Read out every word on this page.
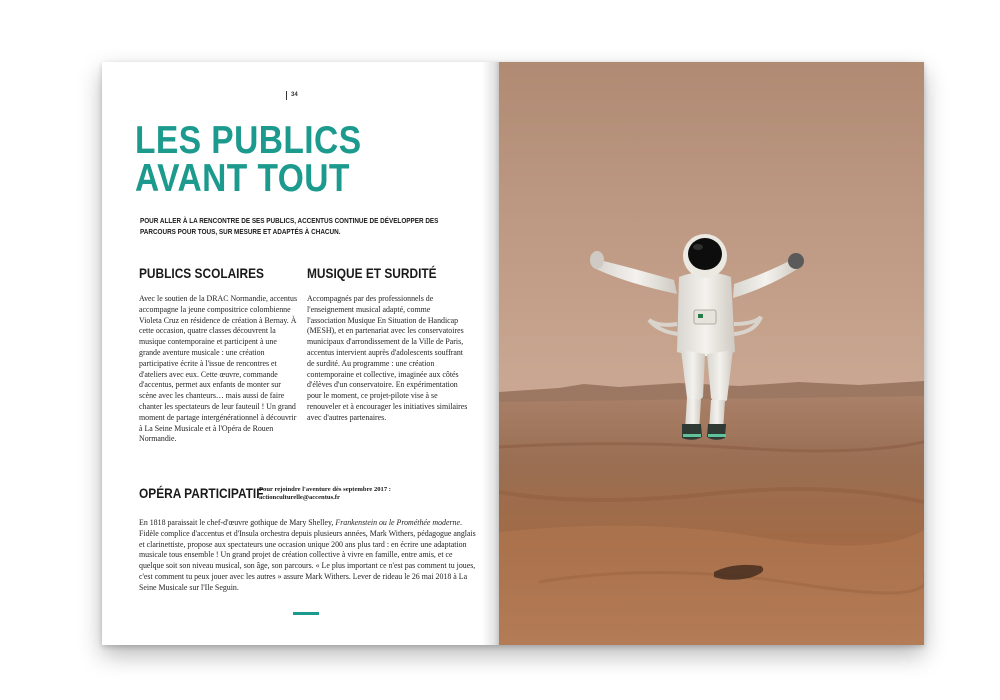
34
LES PUBLICS
AVANT TOUT

POUR ALLER À LA RENCONTRE DE SES PUBLICS, ACCENTUS CONTINUE DE DÉVELOPPER DES PARCOURS POUR TOUS, SUR MESURE ET ADAPTÉS À CHACUN.

PUBLICS SCOLAIRES

Avec le soutien de la DRAC Normandie, accentus accompagne la jeune compositrice colombienne Violeta Cruz en résidence de création à Bernay. À cette occasion, quatre classes découvrent la musique contemporaine et participent à une grande aventure musicale : une création participative écrite à l'issue de rencontres et d'ateliers avec eux. Cette œuvre, commande d'accentus, permet aux enfants de monter sur scène avec les chanteurs… mais aussi de faire chanter les spectateurs de leur fauteuil ! Un grand moment de partage intergénérationnel à découvrir à La Seine Musicale et à l'Opéra de Rouen Normandie.

MUSIQUE ET SURDITÉ

Accompagnés par des professionnels de l'enseignement musical adapté, comme l'association Musique En Situation de Handicap (MESH), et en partenariat avec les conservatoires municipaux d'arrondissement de la Ville de Paris, accentus intervient auprès d'adolescents souffrant de surdité. Au programme : une création contemporaine et collective, imaginée aux côtés d'élèves d'un conservatoire. En expérimentation pour le moment, ce projet-pilote vise à se renouveler et à encourager les initiatives similaires avec d'autres partenaires.

OPÉRA PARTICIPATIF

Pour rejoindre l'aventure dès septembre 2017 : actionculturelle@accentus.fr

En 1818 paraissait le chef-d'œuvre gothique de Mary Shelley, Frankenstein ou le Prométhée moderne. Fidèle complice d'accentus et d'Insula orchestra depuis plusieurs années, Mark Withers, pédagogue anglais et clarinettiste, propose aux spectateurs une occasion unique 200 ans plus tard : en écrire une adaptation musicale tous ensemble ! Un grand projet de création collective à vivre en famille, entre amis, et ce quelque soit son niveau musical, son âge, son parcours. « Le plus important ce n'est pas comment tu joues, c'est comment tu peux jouer avec les autres » assure Mark Withers. Lever de rideau le 26 mai 2018 à La Seine Musicale sur l'Ile Seguin.
